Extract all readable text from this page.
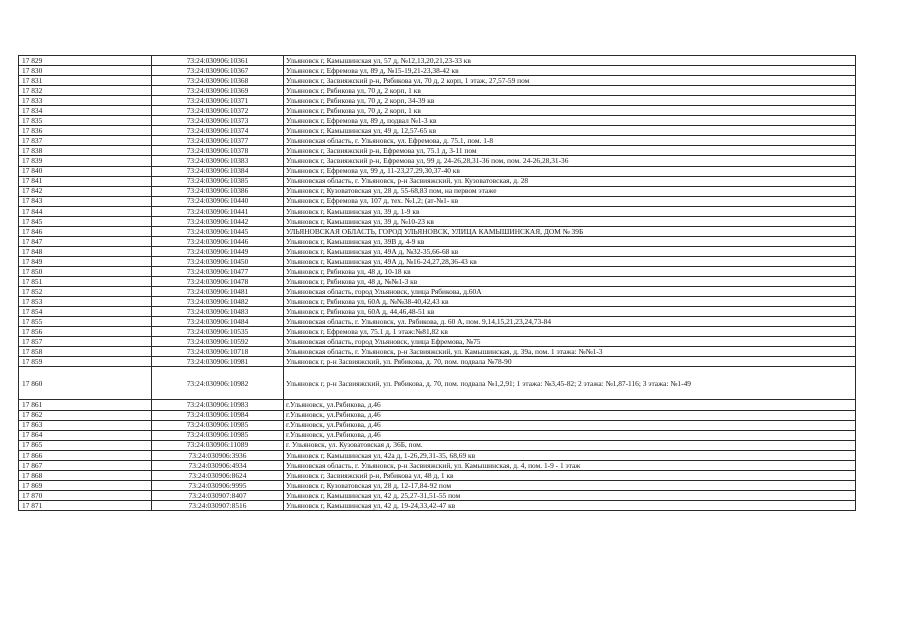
17 829	73:24:030906:10361	Ульяновск г, Камышинская ул, 57 д, №12,13,20,21,23-33 кв
17 830	73:24:030906:10367	Ульяновск г, Ефремова ул, 89 д, №15-19,21-23,38-42 кв
17 831	73:24:030906:10368	Ульяновск г, Засвияжский р-н, Рябикова ул, 70 д, 2 корп, 1 этаж, 27,57-59 пом
17 832	73:24:030906:10369	Ульяновск г, Рябикова ул, 70 д, 2 корп, 1 кв
17 833	73:24:030906:10371	Ульяновск г, Рябикова ул, 70 д, 2 корп, 34-39 кв
17 834	73:24:030906:10372	Ульяновск г, Рябикова ул, 70 д, 2 корп, 1 кв
17 835	73:24:030906:10373	Ульяновск г, Ефремова ул, 89 д, подвал №1-3 кв
17 836	73:24:030906:10374	Ульяновск г, Камышинская ул, 49 д, 12,57-65 кв
17 837	73:24:030906:10377	Ульяновская область, г. Ульяновск, ул. Ефремова, д. 75.1, пом. 1-8
17 838	73:24:030906:10378	Ульяновск г, Засвияжский р-н, Ефремова ул, 75.1 д, 3-11 пом
17 839	73:24:030906:10383	Ульяновск г, Засвияжский р-н, Ефремова ул, 99 д, 24-26,28,31-36 пом, пом. 24-26,28,31-36
17 840	73:24:030906:10384	Ульяновск г, Ефремова ул, 99 д, 11-23,27,29,30,37-40 кв
17 841	73:24:030906:10385	Ульяновская область, г. Ульяновск, р-н Засвияжский, ул. Кузоватовская, д. 28
17 842	73:24:030906:10386	Ульяновск г, Кузоватовская ул, 28 д, 55-68,83 пом, на первом этаже
17 843	73:24:030906:10440	Ульяновск г, Ефремова ул, 107 д, тех. №1,2; (ат-№1- кв
17 844	73:24:030906:10441	Ульяновск г, Камышинская ул, 39 д, 1-9 кв
17 845	73:24:030906:10442	Ульяновск г, Камышинская ул, 39 д, №10-23 кв
17 846	73:24:030906:10445	УЛЬЯНОВСКАЯ ОБЛАСТЬ, ГОРОД УЛЬЯНОВСК, УЛИЦА КАМЫШИНСКАЯ, ДОМ № 39Б
17 847	73:24:030906:10446	Ульяновск г, Камышинская ул, 39В д, 4-9 кв
17 848	73:24:030906:10449	Ульяновск г, Камышинская ул, 49А д, №32-35,66-68 кв
17 849	73:24:030906:10450	Ульяновск г, Камышинская ул, 49А д, №16-24,27,28,36-43 кв
17 850	73:24:030906:10477	Ульяновск г, Рябикова ул, 48 д, 10-18 кв
17 851	73:24:030906:10478	Ульяновск г, Рябикова ул, 48 д, №№1-3 кв
17 852	73:24:030906:10481	Ульяновская область, город Ульяновск, улица Рябикова, д.60А
17 853	73:24:030906:10482	Ульяновск г, Рябикова ул, 60А д, №№38-40,42,43 кв
17 854	73:24:030906:10483	Ульяновск г, Рябикова ул, 60А д, 44,46,48-51 кв
17 855	73:24:030906:10484	Ульяновская область, г. Ульяновск, ул. Рябикова, д. 60 А, пом. 9,14,15,21,23,24,73-84
17 856	73:24:030906:10535	Ульяновск г, Ефремова ул, 75.1 д, 1 этаж:№81,82 кв
17 857	73:24:030906:10592	Ульяновская область, город Ульяновск, улица Ефремова, №75
17 858	73:24:030906:10718	Ульяновская область, г. Ульяновск, р-н Засвияжский, ул. Камышинская, д. 39а, пом. 1 этажа: №№1-3
17 859	73:24:030906:10981	Ульяновск г, р-н Засвияжский, ул. Рябикова, д. 70, пом. подвала №78-90
17 860	73:24:030906:10982	Ульяновск г, р-н Засвияжский, ул. Рябикова, д. 70, пом. подвала №1,2,91; 1 этажа: №3,45-82; 2 этажа: №1,87-116; 3 этажа: №1-49
17 861	73:24:030906:10983	г.Ульяновск, ул.Рябикова, д.46
17 862	73:24:030906:10984	г.Ульяновск, ул.Рябикова, д.46
17 863	73:24:030906:10985	г.Ульяновск, ул.Рябикова, д.46
17 864	73:24:030906:10985	г.Ульяновск, ул.Рябикова, д.46
17 865	73:24:030906:11089	г. Ульяновск, ул. Кузоватовская д. 36Б, пом.
17 866	73:24:030906:3936	Ульяновск г, Камышинская ул, 42а д, 1-26,29,31-35, 68,69 кв
17 867	73:24:030906:4934	Ульяновская область, г. Ульяновск, р-н Засвияжский, ул. Камышинская, д. 4, пом. 1-9 - 1 этаж
17 868	73:24:030906:8624	Ульяновск г, Засвияжский р-н, Рябикова ул, 48 д, 1 кв
17 869	73:24:030906:9995	Ульяновск г, Кузоватовская ул, 28 д, 12-17,84-92 пом
17 870	73:24:030907:8407	Ульяновск г, Камышинская ул, 42 д, 25,27-31,51-55 пом
17 871	73:24:030907:8516	Ульяновск г, Камышинская ул, 42 д, 19-24,33,42-47 кв
